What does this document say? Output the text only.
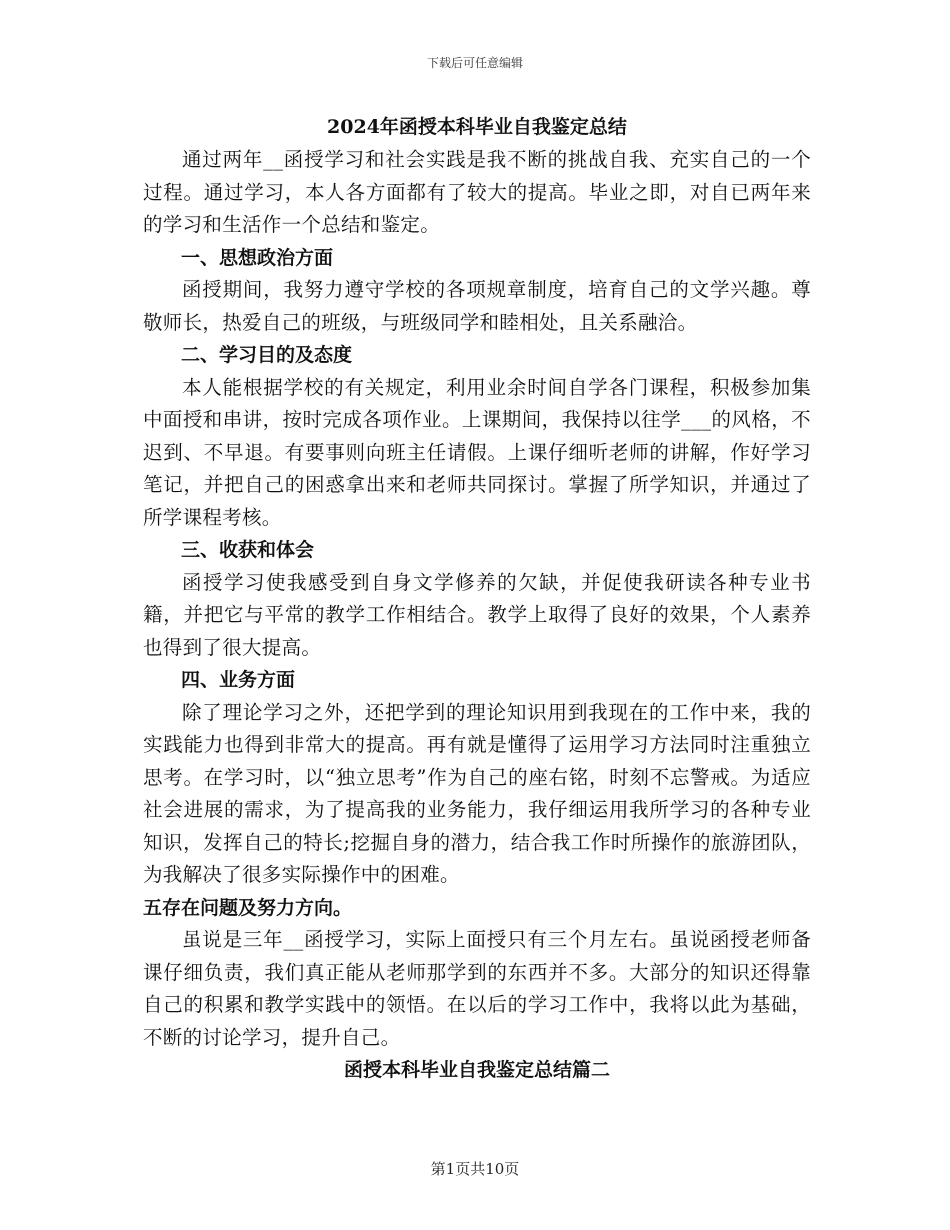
下载后可任意编辑
2024年函授本科毕业自我鉴定总结

通过两年__函授学习和社会实践是我不断的挑战自我、充实自己的一个过程。通过学习，本人各方面都有了较大的提高。毕业之即，对自已两年来的学习和生活作一个总结和鉴定。

一、思想政治方面

函授期间，我努力遵守学校的各项规章制度，培育自己的文学兴趣。尊敬师长，热爱自己的班级，与班级同学和睦相处，且关系融洽。

二、学习目的及态度

本人能根据学校的有关规定，利用业余时间自学各门课程，积极参加集中面授和串讲，按时完成各项作业。上课期间，我保持以往学___的风格，不迟到、不早退。有要事则向班主任请假。上课仔细听老师的讲解，作好学习笔记，并把自己的困惑拿出来和老师共同探讨。掌握了所学知识，并通过了所学课程考核。

三、收获和体会

函授学习使我感受到自身文学修养的欠缺，并促使我研读各种专业书籍，并把它与平常的教学工作相结合。教学上取得了良好的效果，个人素养也得到了很大提高。

四、业务方面

除了理论学习之外，还把学到的理论知识用到我现在的工作中来，我的实践能力也得到非常大的提高。再有就是懂得了运用学习方法同时注重独立思考。在学习时，以“独立思考”作为自己的座右铭，时刻不忘警戒。为适应社会进展的需求，为了提高我的业务能力，我仔细运用我所学习的各种专业知识，发挥自己的特长;挖掘自身的潜力，结合我工作时所操作的旅游团队，为我解决了很多实际操作中的困难。

五存在问题及努力方向。

虽说是三年__函授学习，实际上面授只有三个月左右。虽说函授老师备课仔细负责，我们真正能从老师那学到的东西并不多。大部分的知识还得靠自己的积累和教学实践中的领悟。在以后的学习工作中，我将以此为基础，不断的讨论学习，提升自己。

函授本科毕业自我鉴定总结篇二
第1页共10页
